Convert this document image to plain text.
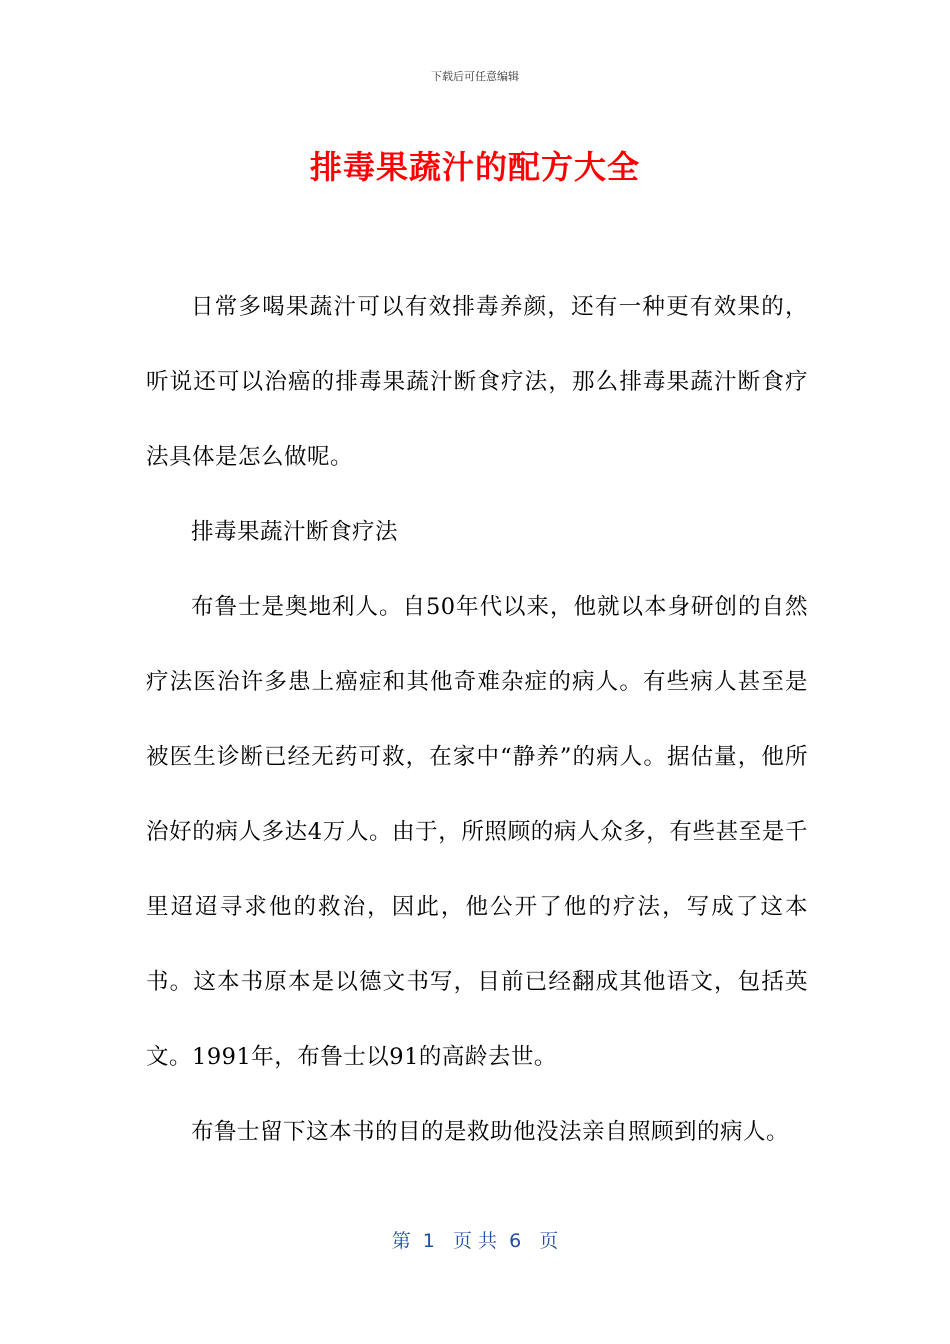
下载后可任意编辑
排毒果蔬汁的配方大全

日常多喝果蔬汁可以有效排毒养颜，还有一种更有效果的，听说还可以治癌的排毒果蔬汁断食疗法，那么排毒果蔬汁断食疗法具体是怎么做呢。

排毒果蔬汁断食疗法

布鲁士是奥地利人。自50年代以来，他就以本身研创的自然疗法医治许多患上癌症和其他奇难杂症的病人。有些病人甚至是被医生诊断已经无药可救，在家中“静养”的病人。据估量，他所治好的病人多达4万人。由于，所照顾的病人众多，有些甚至是千里迢迢寻求他的救治，因此，他公开了他的疗法，写成了这本书。这本书原本是以德文书写，目前已经翻成其他语文，包括英文。1991年，布鲁士以91的高龄去世。

布鲁士留下这本书的目的是救助他没法亲自照顾到的病人。

第  1   页 共  6   页
